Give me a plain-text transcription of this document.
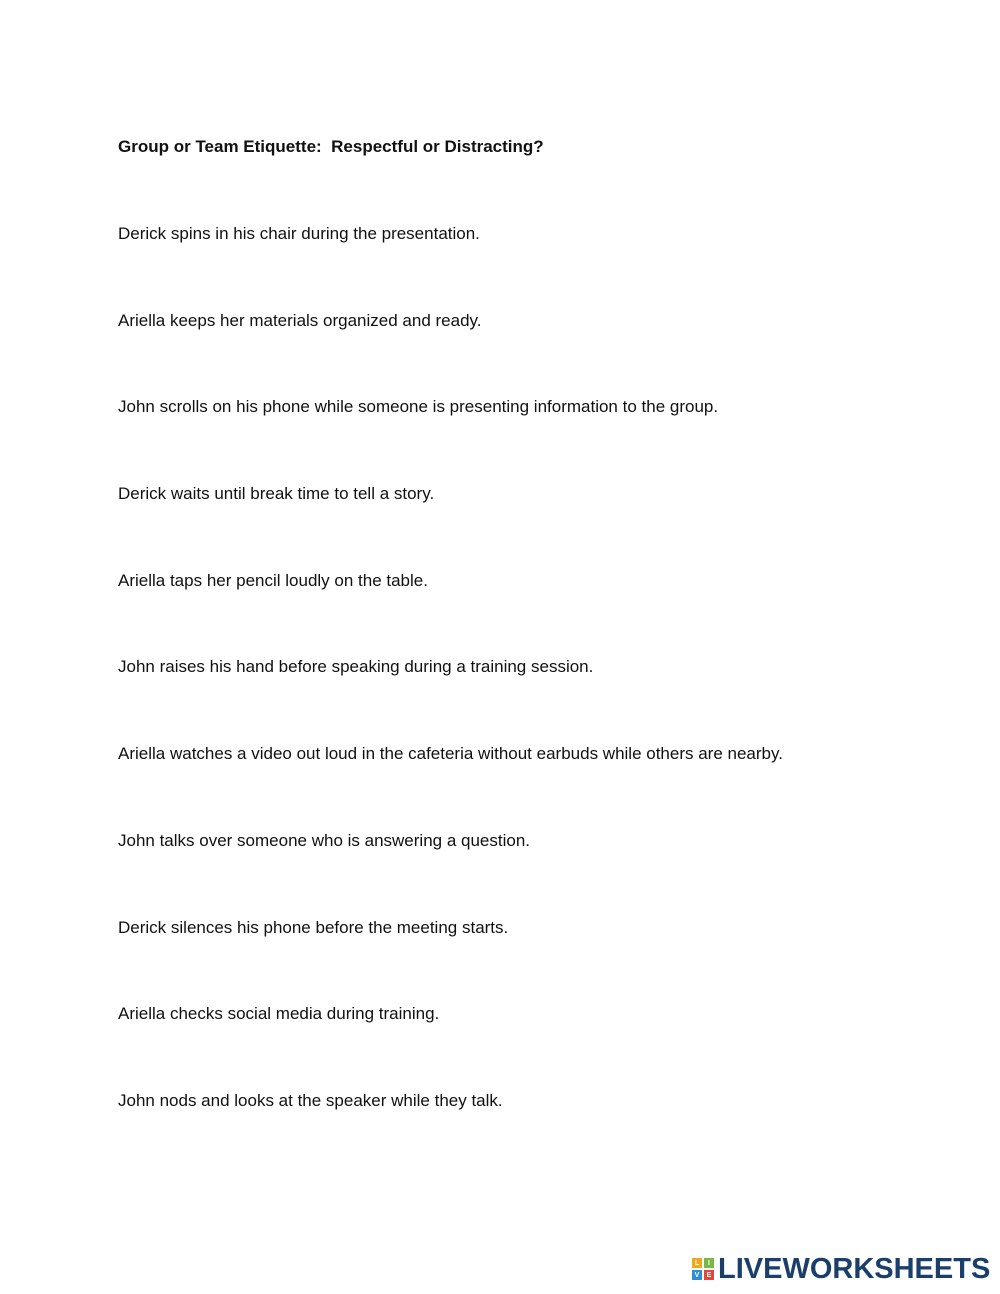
Group or Team Etiquette:  Respectful or Distracting?

Derick spins in his chair during the presentation.

Ariella keeps her materials organized and ready.

John scrolls on his phone while someone is presenting information to the group.

Derick waits until break time to tell a story.

Ariella taps her pencil loudly on the table.

John raises his hand before speaking during a training session.

Ariella watches a video out loud in the cafeteria without earbuds while others are nearby.

John talks over someone who is answering a question.

Derick silences his phone before the meeting starts.

Ariella checks social media during training.

John nods and looks at the speaker while they talk.

L	I
V	E LIVEWORKSHEETS
